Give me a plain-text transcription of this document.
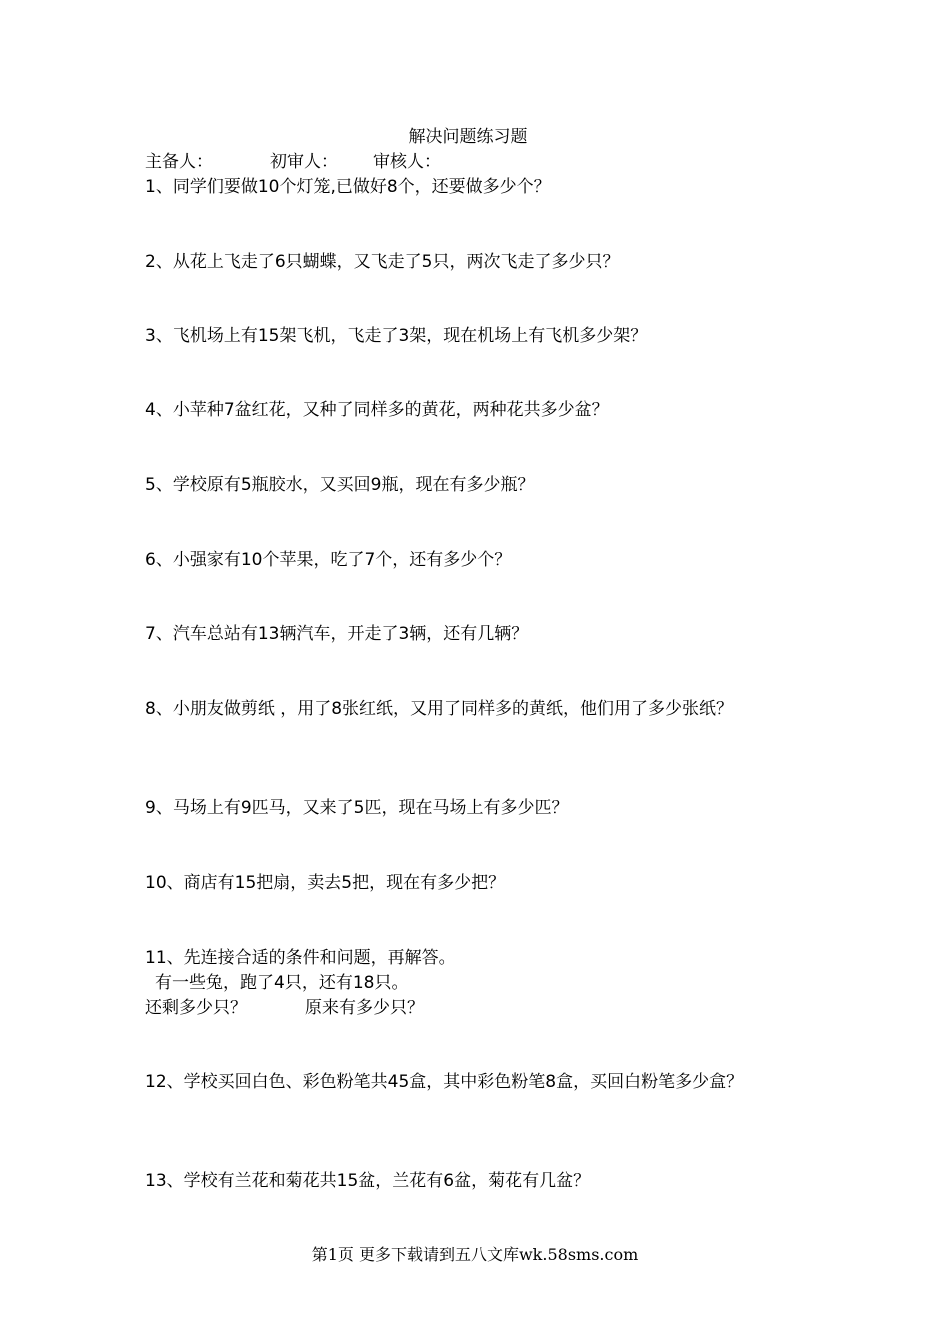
解决问题练习题
主备人：	初审人： 审核人：
1、同学们要做10个灯笼,已做好8个，还要做多少个？
2、从花上飞走了6只蝴蝶，又飞走了5只，两次飞走了多少只？
3、飞机场上有15架飞机，飞走了3架，现在机场上有飞机多少架？
4、小苹种7盆红花，又种了同样多的黄花，两种花共多少盆？
5、学校原有5瓶胶水，又买回9瓶，现在有多少瓶？
6、小强家有10个苹果，吃了7个，还有多少个？
7、汽车总站有13辆汽车，开走了3辆，还有几辆？
8、小朋友做剪纸 ，用了8张红纸，又用了同样多的黄纸，他们用了多少张纸？
9、马场上有9匹马，又来了5匹，现在马场上有多少匹？
10、商店有15把扇，卖去5把，现在有多少把？
11、先连接合适的条件和问题，再解答。
有一些兔，跑了4只，还有18只。
还剩多少只？	原来有多少只？
12、学校买回白色、彩色粉笔共45盒，其中彩色粉笔8盒，买回白粉笔多少盒？
13、学校有兰花和菊花共15盆，兰花有6盆，菊花有几盆？
第1页 更多下载请到五八文库wk.58sms.com
